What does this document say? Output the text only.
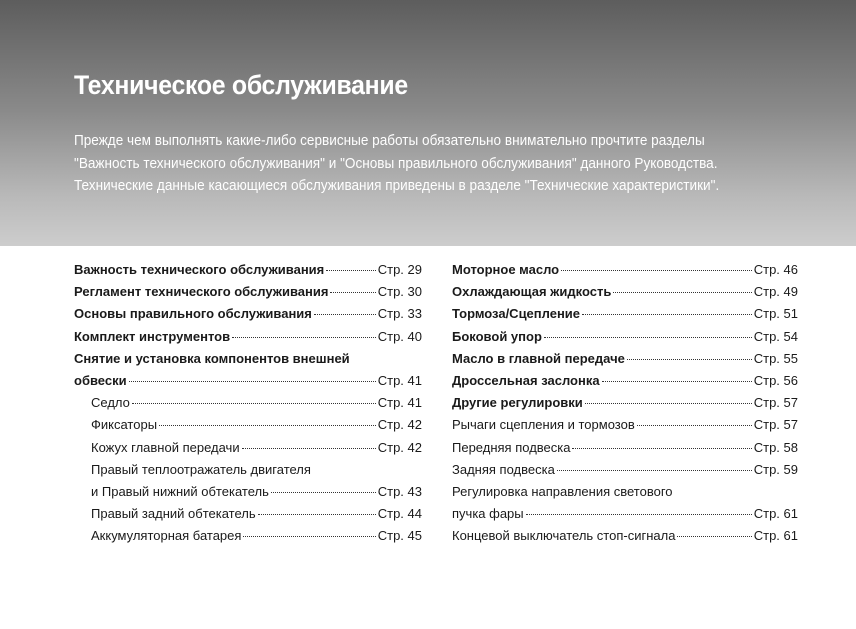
Техническое обслуживание
Прежде чем выполнять какие-либо сервисные работы обязательно внимательно прочтите разделы
"Важность технического обслуживания" и "Основы правильного обслуживания" данного Руководства.
Технические данные касающиеся обслуживания приведены в разделе "Технические характеристики".
Важность технического обслуживания	Стр. 29
Регламент технического обслуживания	Стр. 30
Основы правильного обслуживания	Стр. 33
Комплект инструментов	Стр. 40
Снятие и установка компонентов внешней
обвески	Стр. 41
Седло	Стр. 41
Фиксаторы	Стр. 42
Кожух главной передачи	Стр. 42
Правый теплоотражатель двигателя
и Правый нижний обтекатель	Стр. 43
Правый задний обтекатель	Стр. 44
Аккумуляторная батарея	Стр. 45
Моторное масло	Стр. 46
Охлаждающая жидкость	Стр. 49
Тормоза/Сцепление	Стр. 51
Боковой упор	Стр. 54
Масло в главной передаче	Стр. 55
Дроссельная заслонка	Стр. 56
Другие регулировки	Стр. 57
Рычаги сцепления и тормозов	Стр. 57
Передняя подвеска	Стр. 58
Задняя подвеска	Стр. 59
Регулировка направления светового
пучка фары	Стр. 61
Концевой выключатель стоп-сигнала	Стр. 61
